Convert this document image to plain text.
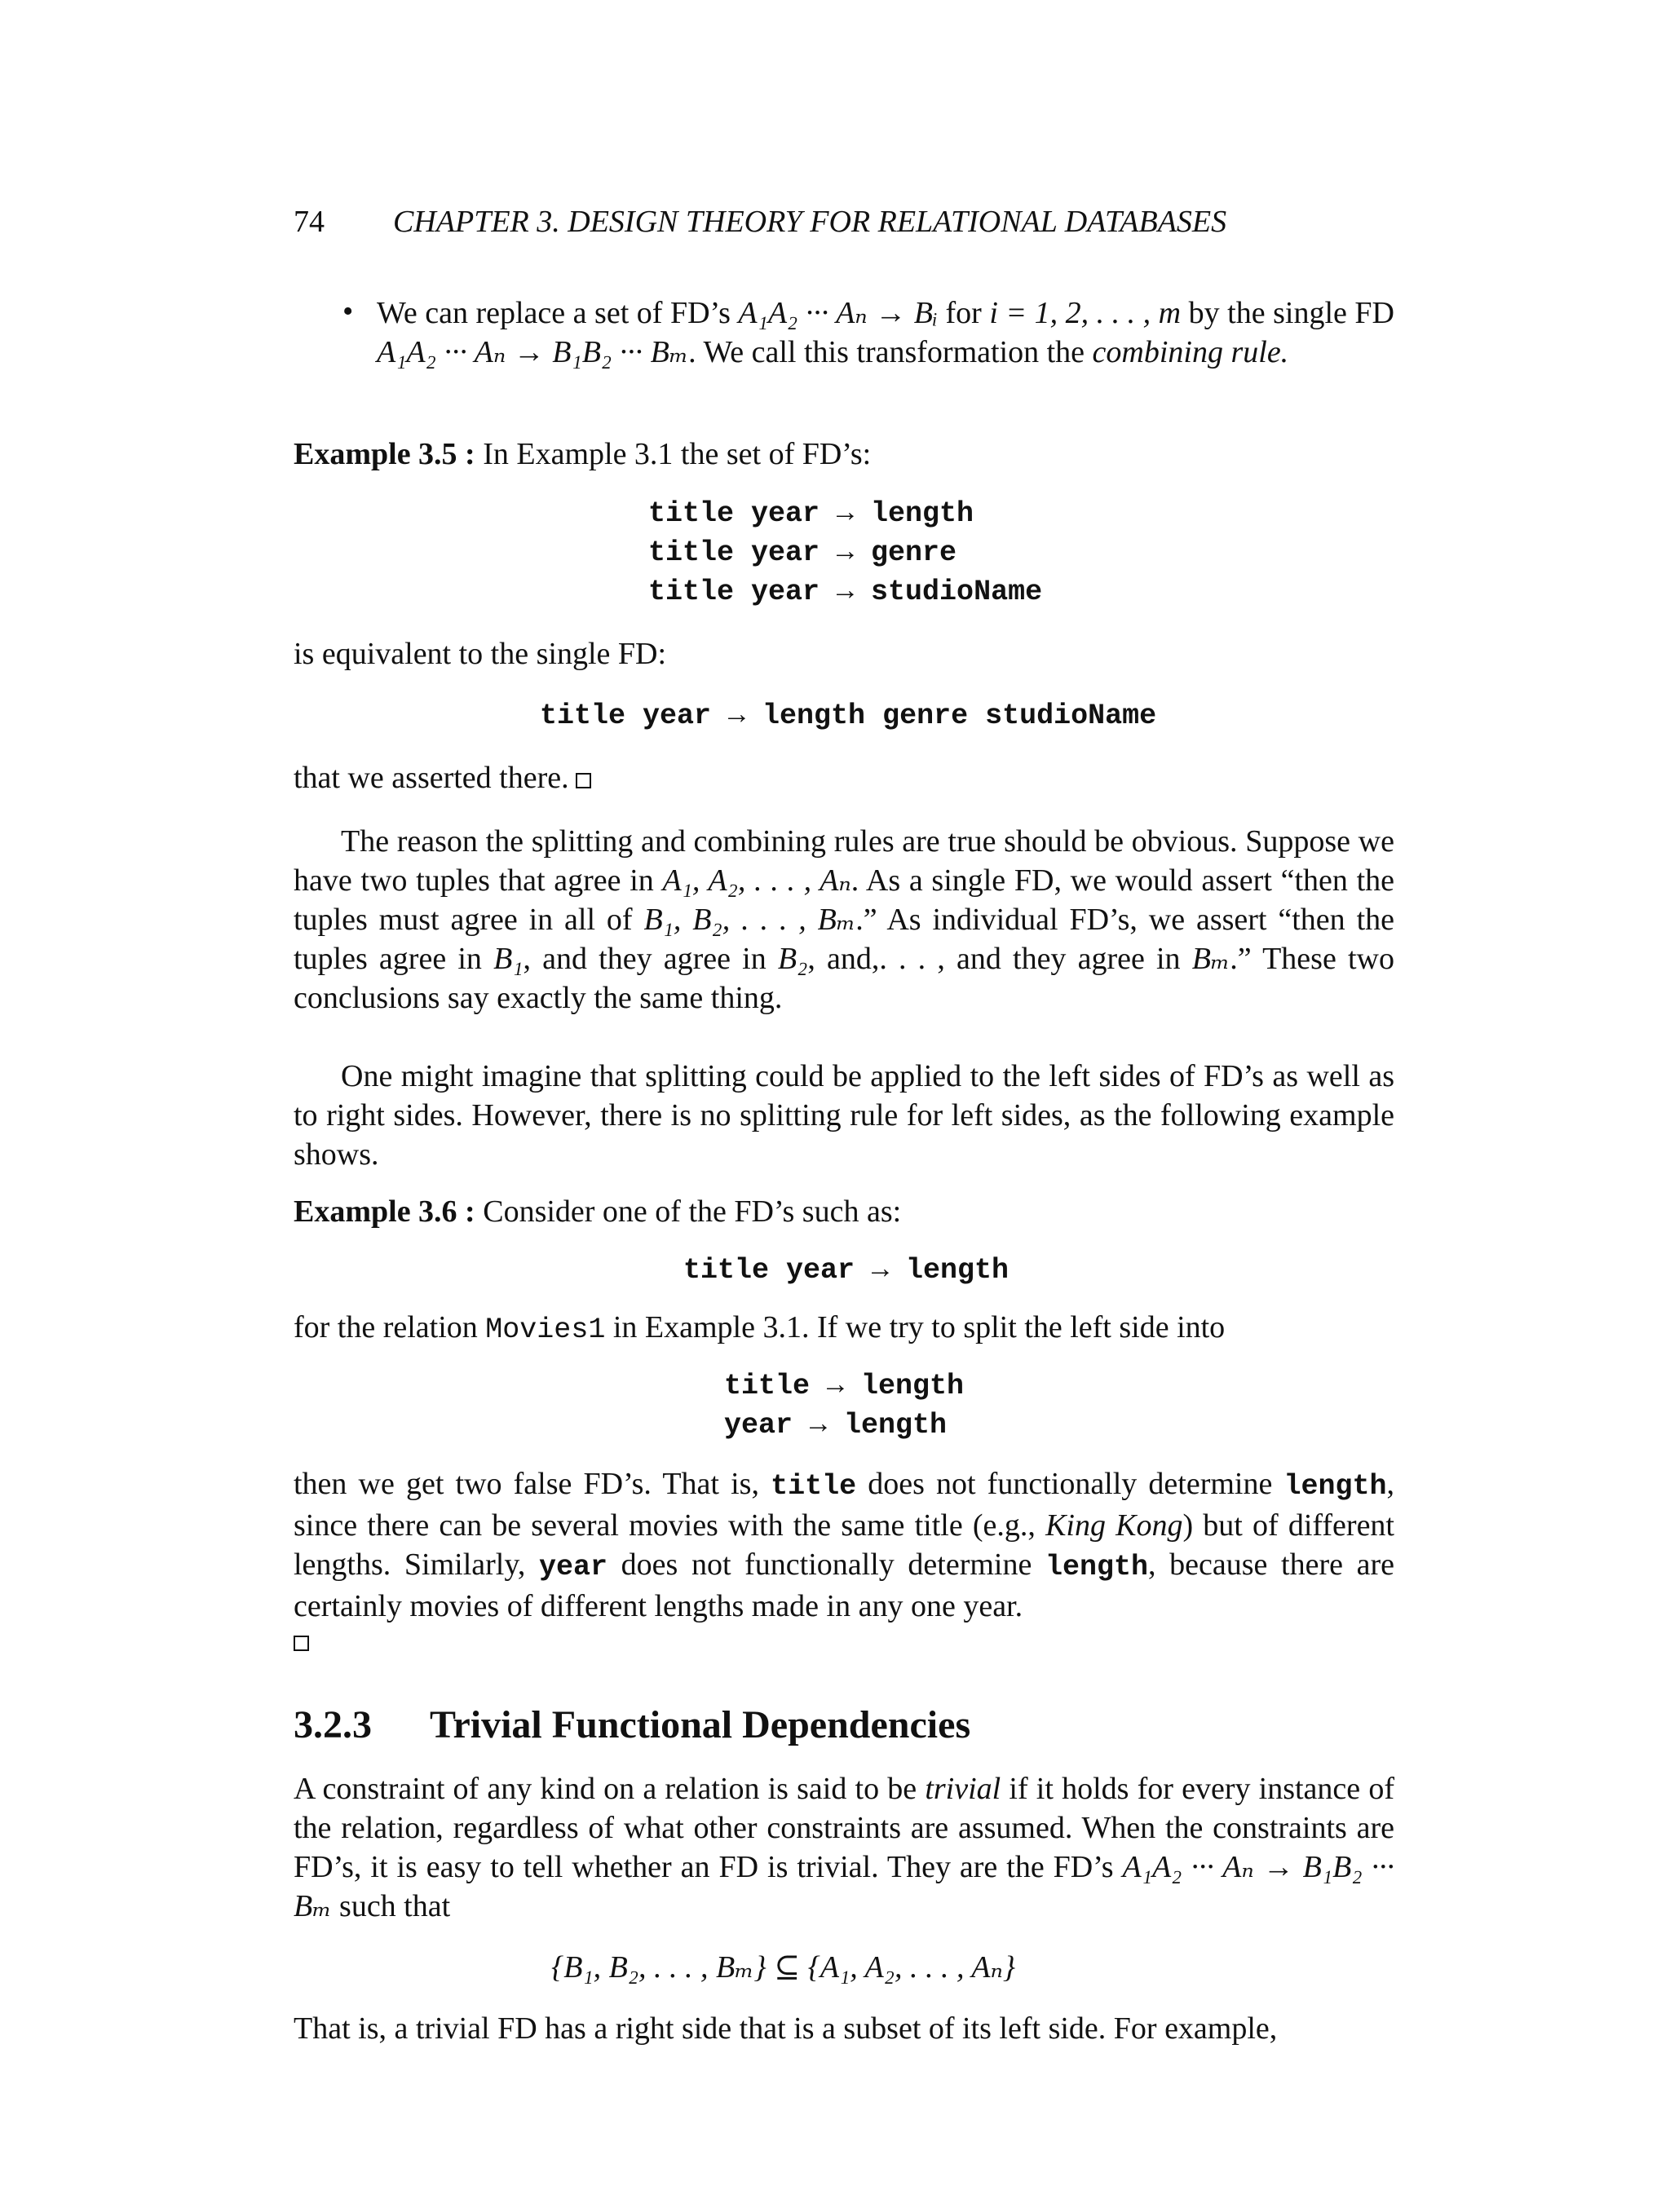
74 CHAPTER 3. DESIGN THEORY FOR RELATIONAL DATABASES
• We can replace a set of FD’s A₁A₂ ··· Aₙ → Bᵢ for i = 1, 2, . . . , m by the single FD A₁A₂ ··· Aₙ → B₁B₂ ··· Bₘ. We call this transformation the combining rule.
Example 3.5 : In Example 3.1 the set of FD’s:
title year → length
title year → genre
title year → studioName
is equivalent to the single FD:
title year → length genre studioName
that we asserted there.
The reason the splitting and combining rules are true should be obvious. Suppose we have two tuples that agree in A₁, A₂, . . . , Aₙ. As a single FD, we would assert “then the tuples must agree in all of B₁, B₂, . . . , Bₘ.” As individual FD’s, we assert “then the tuples agree in B₁, and they agree in B₂, and,. . . , and they agree in Bₘ.” These two conclusions say exactly the same thing.
One might imagine that splitting could be applied to the left sides of FD’s as well as to right sides. However, there is no splitting rule for left sides, as the following example shows.
Example 3.6 : Consider one of the FD’s such as:
title year → length
for the relation Movies1 in Example 3.1. If we try to split the left side into
title → length
year → length
then we get two false FD’s. That is, title does not functionally determine length, since there can be several movies with the same title (e.g., King Kong) but of different lengths. Similarly, year does not functionally determine length, because there are certainly movies of different lengths made in any one year.
3.2.3 Trivial Functional Dependencies
A constraint of any kind on a relation is said to be trivial if it holds for every instance of the relation, regardless of what other constraints are assumed. When the constraints are FD’s, it is easy to tell whether an FD is trivial. They are the FD’s A₁A₂ ··· Aₙ → B₁B₂ ··· Bₘ such that
{B₁, B₂, . . . , Bₘ} ⊆ {A₁, A₂, . . . , Aₙ}
That is, a trivial FD has a right side that is a subset of its left side. For example,
